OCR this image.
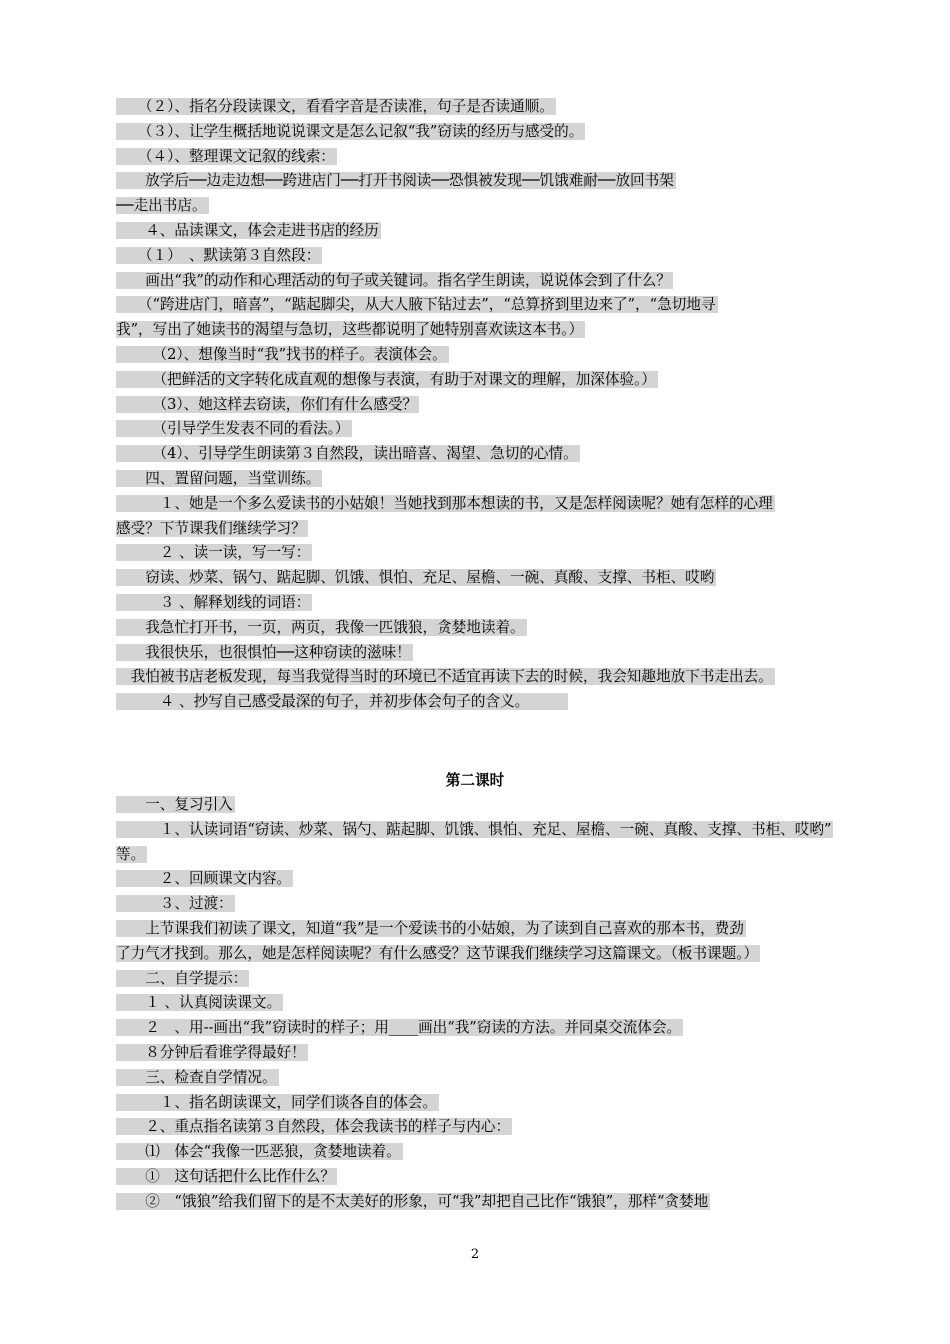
　　（２）、指名分段读课文，看看字音是否读准，句子是否读通顺。
　　（３）、让学生概括地说说课文是怎么记叙“我”窃读的经历与感受的。
　　（４）、整理课文记叙的线索：
　　放学后──边走边想──跨进店门──打开书阅读──恐惧被发现──饥饿难耐──放回书架
──走出书店。
　　４、品读课文，体会走进书店的经历
　　（１）　、默读第３自然段：
　　画出“我”的动作和心理活动的句子或关键词。指名学生朗读，说说体会到了什么？
　　（“跨进店门，暗喜”，“踮起脚尖，从大人腋下钻过去”，“总算挤到里边来了”，“急切地寻
我”，写出了她读书的渴望与急切，这些都说明了她特别喜欢读这本书。）
　　　（2）、想像当时“我”找书的样子。表演体会。
　　　（把鲜活的文字转化成直观的想像与表演，有助于对课文的理解，加深体验。）
　　　（3）、她这样去窃读，你们有什么感受？
　　　（引导学生发表不同的看法。）
　　　（4）、引导学生朗读第３自然段，读出暗喜、渴望、急切的心情。
　　四、置留问题，当堂训练。
　　　１、她是一个多么爱读书的小姑娘！当她找到那本想读的书，又是怎样阅读呢？她有怎样的心理
感受？下节课我们继续学习？
　　　２ 、读一读，写一写：
　　窃读、炒菜、锅勺、踮起脚、饥饿、惧怕、充足、屋檐、一碗、真酸、支撑、书柜、哎哟
　　　３ 、解释划线的词语：
　　我急忙打开书，一页，两页，我像一匹饿狼，贪婪地读着。
　　我很快乐，也很惧怕──这种窃读的滋味！
　我怕被书店老板发现，每当我觉得当时的环境已不适宜再读下去的时候，我会知趣地放下书走出去。
　　　４ 、抄写自己感受最深的句子，并初步体会句子的含义。　　　
第二课时
　　一、复习引入
　　　１、认读词语“窃读、炒菜、锅勺、踮起脚、饥饿、惧怕、充足、屋檐、一碗、真酸、支撑、书柜、哎哟”
等。
　　　２、回顾课文内容。
　　　３、过渡：
　　上节课我们初读了课文，知道“我”是一个爱读书的小姑娘，为了读到自己喜欢的那本书，费劲
了力气才找到。那么，她是怎样阅读呢？有什么感受？这节课我们继续学习这篇课文。（板书课题。）
　　二、自学提示：
　　１ 、认真阅读课文。
　　２　、用--画出“我”窃读时的样子；用____画出“我”窃读的方法。并同桌交流体会。
　　８分钟后看谁学得最好！
　　三、检查自学情况。
　　　１、指名朗读课文，同学们谈各自的体会。
　　２、重点指名读第３自然段，体会我读书的样子与内心：
　　⑴　体会“我像一匹恶狼，贪婪地读着。
　　①　这句话把什么比作什么？
　　②　“饿狼”给我们留下的是不太美好的形象，可“我”却把自己比作“饿狼”，那样“贪婪地
2
